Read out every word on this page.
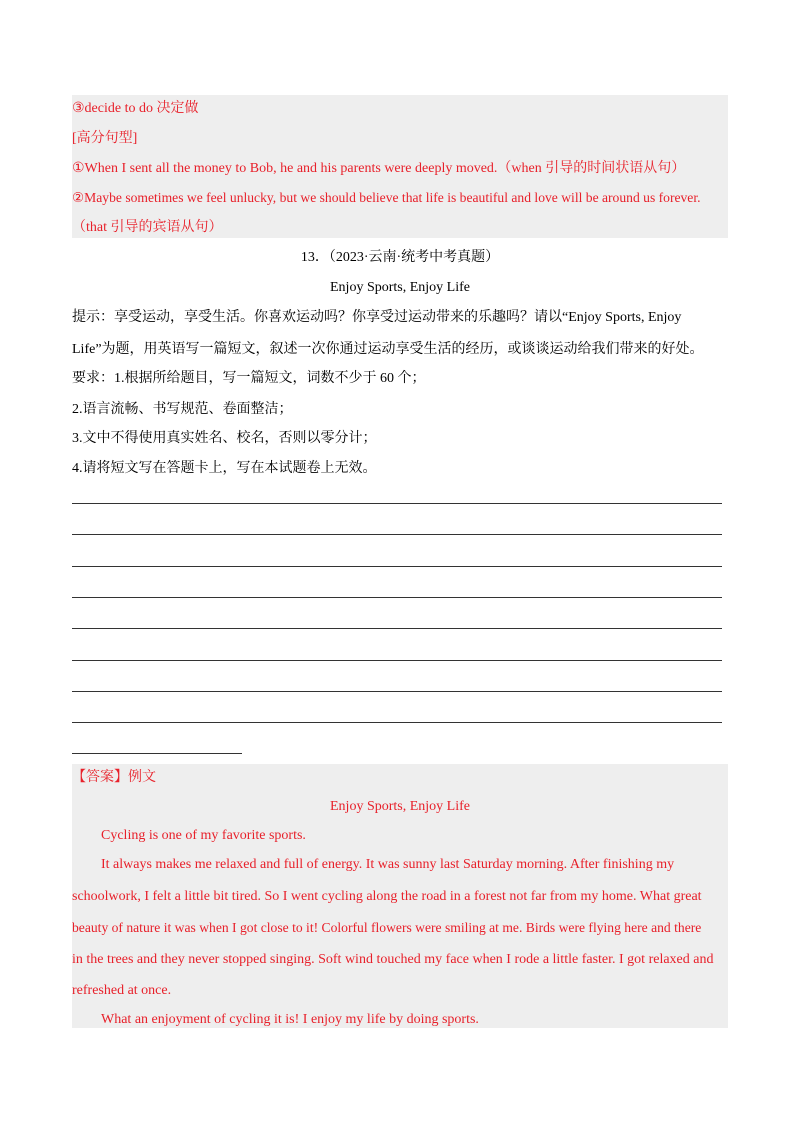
③decide to do 决定做
[高分句型]
①When I sent all the money to Bob, he and his parents were deeply moved.（when 引导的时间状语从句）
②Maybe sometimes we feel unlucky, but we should believe that life is beautiful and love will be around us forever.
（that 引导的宾语从句）
13．（2023·云南·统考中考真题）
Enjoy Sports, Enjoy Life
提示：享受运动，享受生活。你喜欢运动吗？你享受过运动带来的乐趣吗？请以“Enjoy Sports, Enjoy
Life”为题，用英语写一篇短文，叙述一次你通过运动享受生活的经历，或谈谈运动给我们带来的好处。
要求：1.根据所给题目，写一篇短文，词数不少于 60 个；
2.语言流畅、书写规范、卷面整洁；
3.文中不得使用真实姓名、校名，否则以零分计；
4.请将短文写在答题卡上，写在本试题卷上无效。
【答案】例文
Enjoy Sports, Enjoy Life
Cycling is one of my favorite sports.
It always makes me relaxed and full of energy. It was sunny last Saturday morning. After finishing my
schoolwork, I felt a little bit tired. So I went cycling along the road in a forest not far from my home. What great
beauty of nature it was when I got close to it! Colorful flowers were smiling at me. Birds were flying here and there
in the trees and they never stopped singing. Soft wind touched my face when I rode a little faster. I got relaxed and
refreshed at once.
What an enjoyment of cycling it is! I enjoy my life by doing sports.
